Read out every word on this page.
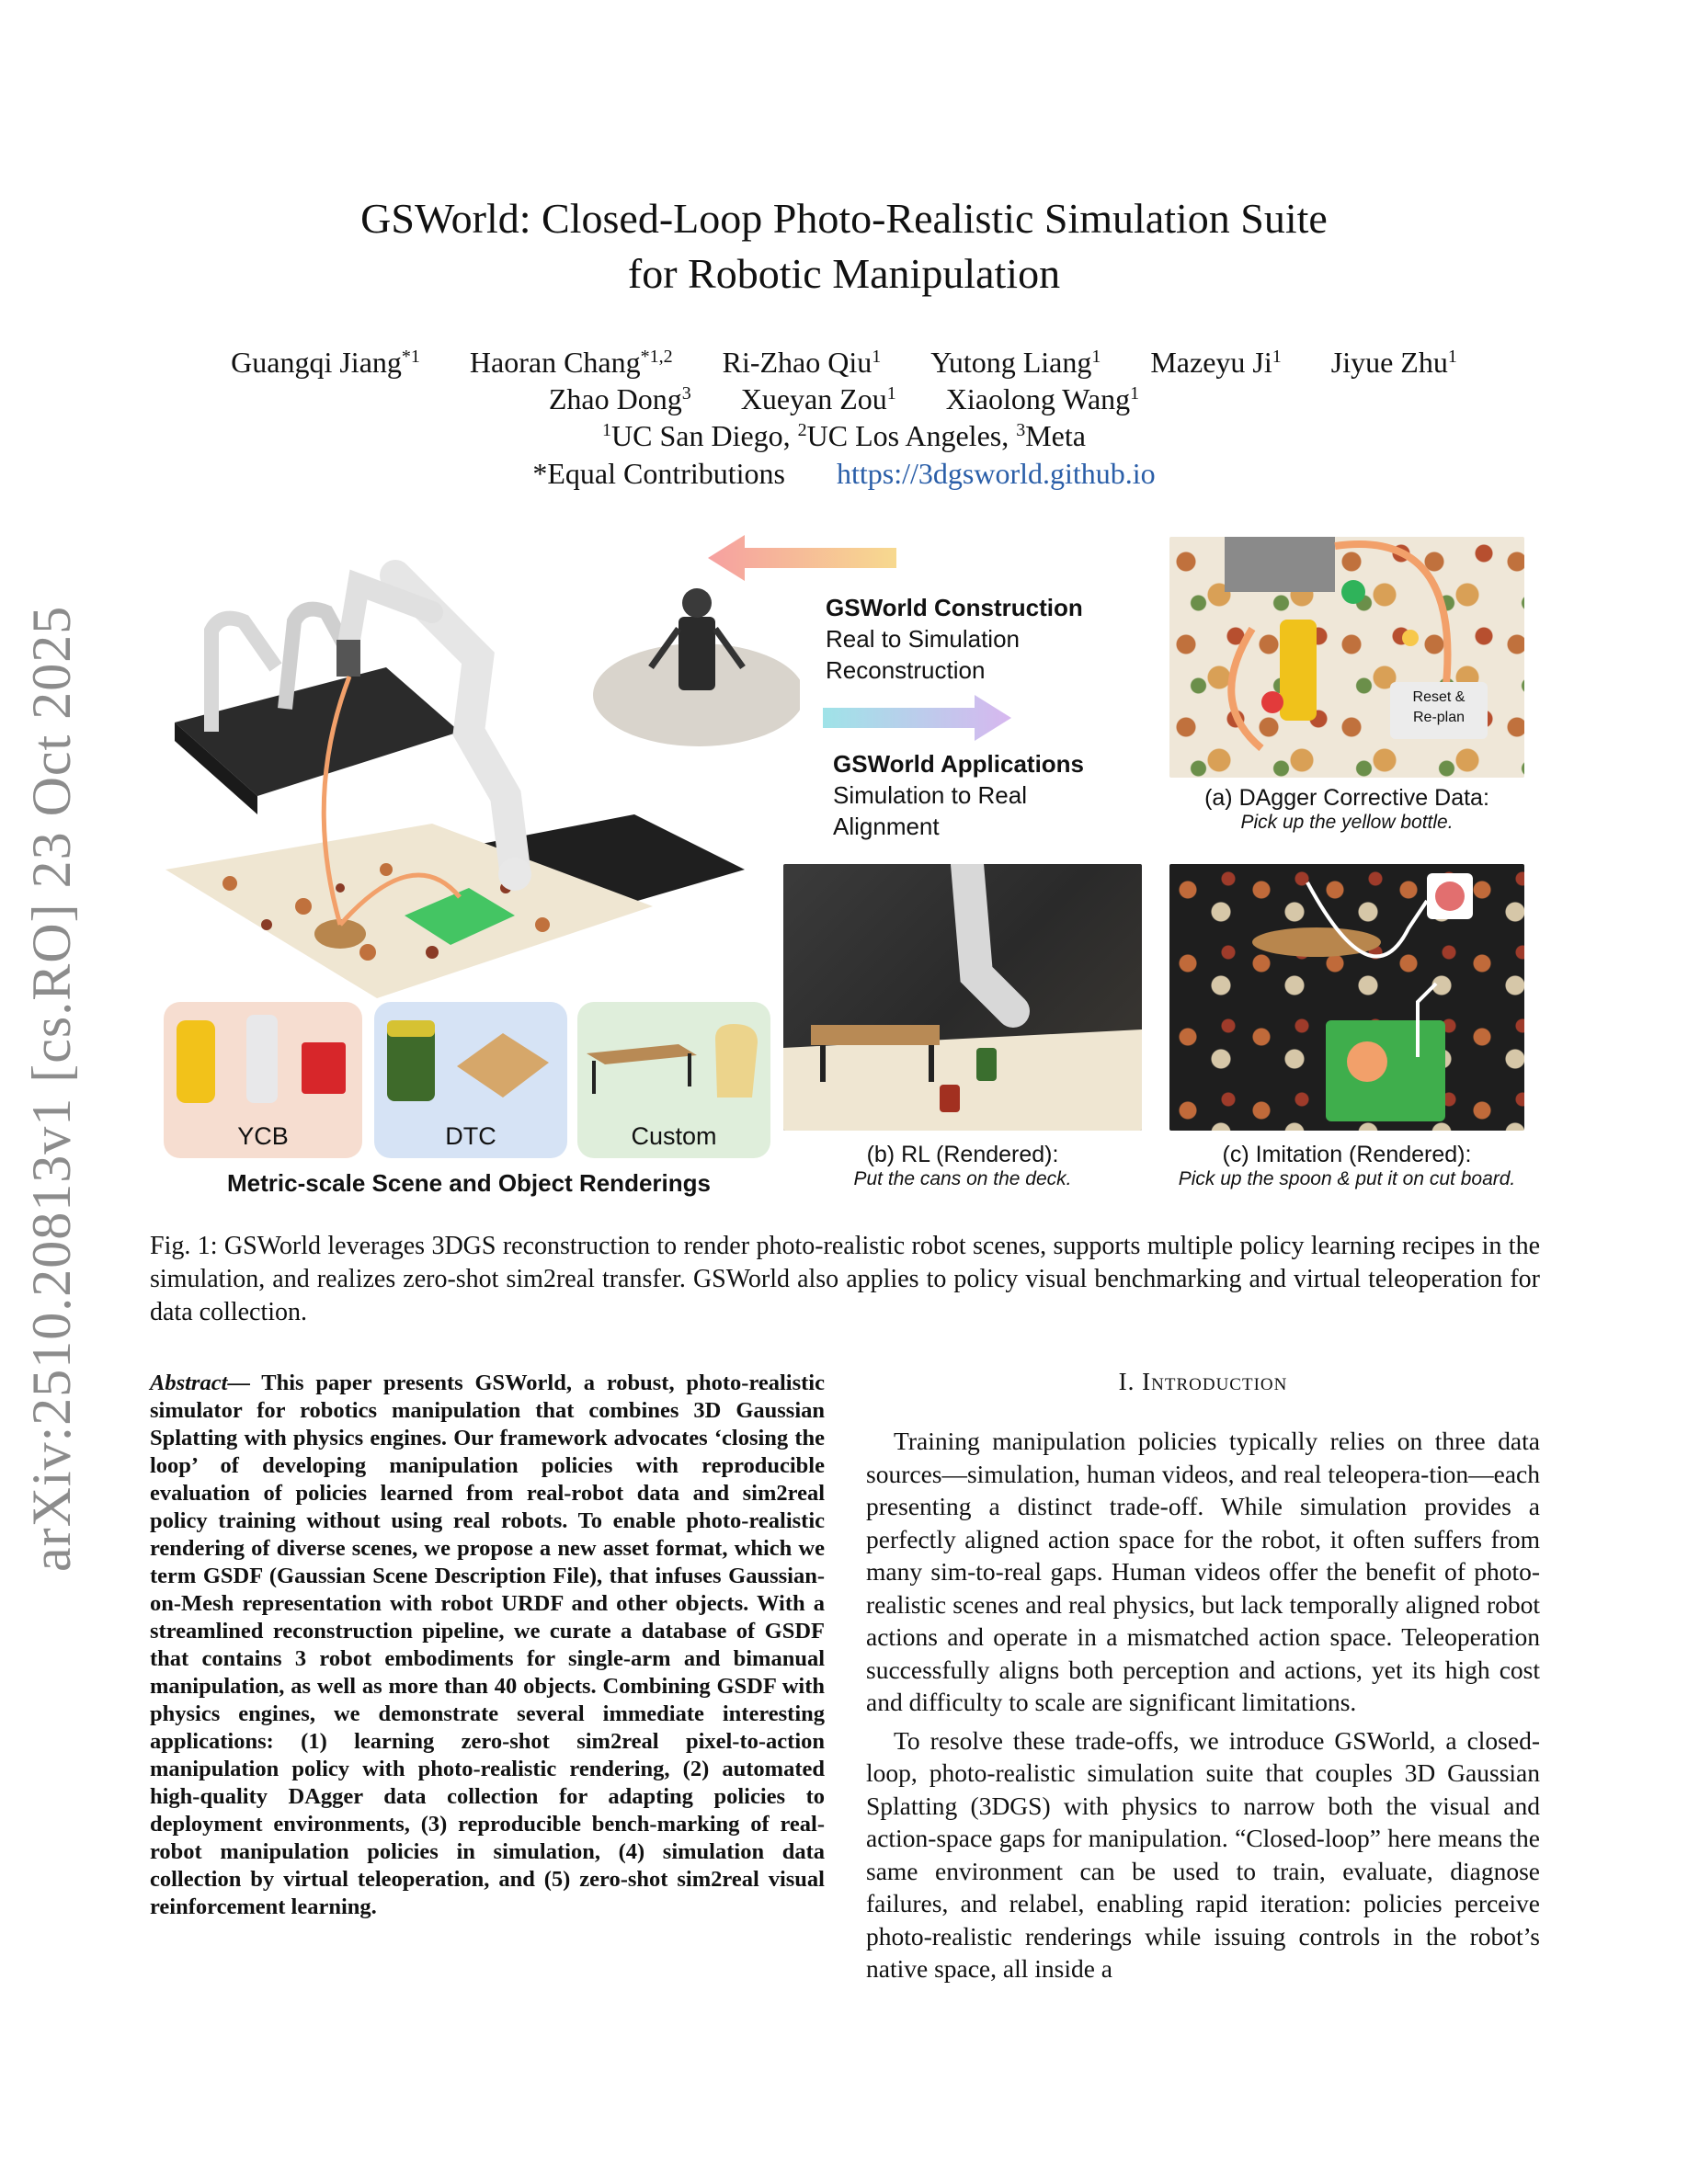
arXiv:2510.20813v1 [cs.RO] 23 Oct 2025
GSWorld: Closed-Loop Photo-Realistic Simulation Suite
for Robotic Manipulation
Guangqi Jiang$^{*1}$ Haoran Chang$^{*1,2}$ Ri-Zhao Qiu$^1$ Yutong Liang$^1$ Mazeyu Ji$^1$ Jiyue Zhu$^1$
Zhao Dong$^3$ Xueyan Zou$^1$ Xiaolong Wang$^1$
$^1$UC San Diego, $^2$UC Los Angeles, $^3$Meta
*Equal Contributions https://3dgsworld.github.io
GSWorld Construction
Real to Simulation
Reconstruction
GSWorld Applications
Simulation to Real
Alignment
Reset &
Re-plan
(a) DAgger Corrective Data:
Pick up the yellow bottle.
(b) RL (Rendered):
Put the cans on the deck.
(c) Imitation (Rendered):
Pick up the spoon & put it on cut board.
YCB	DTC	Custom
Metric-scale Scene and Object Renderings
Fig. 1: GSWorld leverages 3DGS reconstruction to render photo-realistic robot scenes, supports multiple policy learning recipes in the simulation, and realizes zero-shot sim2real transfer. GSWorld also applies to policy visual benchmarking and virtual teleoperation for data collection.
Abstract— This paper presents GSWorld, a robust, photo-realistic simulator for robotics manipulation that combines 3D Gaussian Splatting with physics engines. Our framework advocates ‘closing the loop’ of developing manipulation policies with reproducible evaluation of policies learned from real-robot data and sim2real policy training without using real robots. To enable photo-realistic rendering of diverse scenes, we propose a new asset format, which we term GSDF (Gaussian Scene Description File), that infuses Gaussian-on-Mesh representation with robot URDF and other objects. With a streamlined reconstruction pipeline, we curate a database of GSDF that contains 3 robot embodiments for single-arm and bimanual manipulation, as well as more than 40 objects. Combining GSDF with physics engines, we demonstrate several immediate interesting applications: (1) learning zero-shot sim2real pixel-to-action manipulation policy with photo-realistic rendering, (2) automated high-quality DAgger data collection for adapting policies to deployment environments, (3) reproducible bench-marking of real-robot manipulation policies in simulation, (4) simulation data collection by virtual teleoperation, and (5) zero-shot sim2real visual reinforcement learning.
I. Introduction

Training manipulation policies typically relies on three data sources—simulation, human videos, and real teleopera-tion—each presenting a distinct trade-off. While simulation provides a perfectly aligned action space for the robot, it often suffers from many sim-to-real gaps. Human videos offer the benefit of photo-realistic scenes and real physics, but lack temporally aligned robot actions and operate in a mismatched action space. Teleoperation successfully aligns both perception and actions, yet its high cost and difficulty to scale are significant limitations.

To resolve these trade-offs, we introduce GSWorld, a closed-loop, photo-realistic simulation suite that couples 3D Gaussian Splatting (3DGS) with physics to narrow both the visual and action-space gaps for manipulation. “Closed-loop” here means the same environment can be used to train, evaluate, diagnose failures, and relabel, enabling rapid iteration: policies perceive photo-realistic renderings while issuing controls in the robot’s native space, all inside a
